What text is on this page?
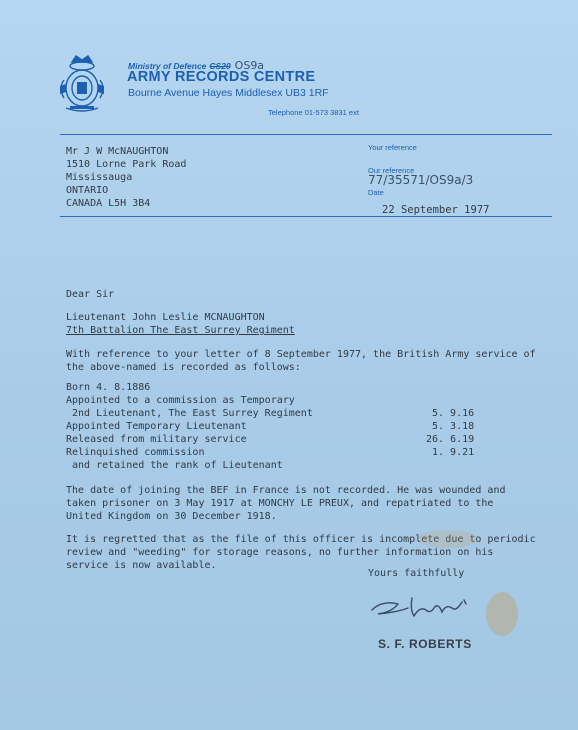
Ministry of Defence CS20 OS9a
ARMY RECORDS CENTRE
Bourne Avenue Hayes Middlesex UB3 1RF
Telephone 01-573 3831 ext
Mr J W McNAUGHTON
1510 Lorne Park Road
Mississauga
ONTARIO
CANADA L5H 3B4
Your reference
Our reference
77/35571/OS9a/3
Date
22 September 1977
Dear Sir
Lieutenant John Leslie MCNAUGHTON
7th Battalion The East Surrey Regiment
With reference to your letter of 8 September 1977, the British Army service of
the above-named is recorded as follows:
Born 4. 8.1886
Appointed to a commission as Temporary
2nd Lieutenant, The East Surrey Regiment	5. 9.16
Appointed Temporary Lieutenant	5. 3.18
Released from military service	26. 6.19
Relinquished commission	1. 9.21
and retained the rank of Lieutenant
The date of joining the BEF in France is not recorded. He was wounded and
taken prisoner on 3 May 1917 at MONCHY LE PREUX, and repatriated to the
United Kingdom on 30 December 1918.
It is regretted that as the file of this officer is incomplete due to periodic
review and "weeding" for storage reasons, no further information on his
service is now available.
Yours faithfully
S. F. ROBERTS
